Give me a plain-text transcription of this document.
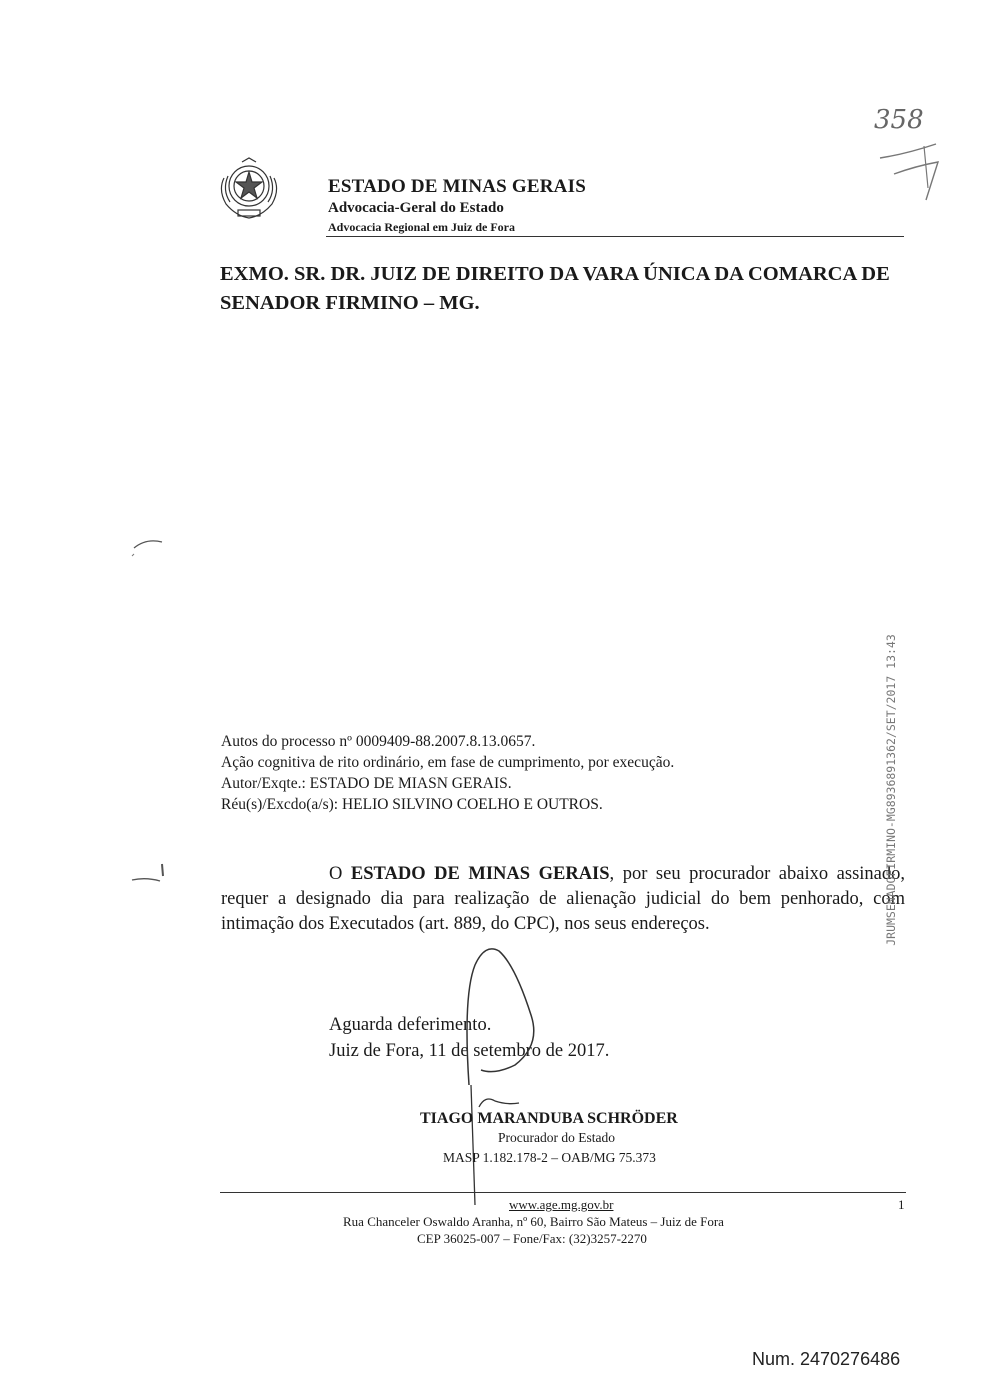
ESTADO DE MINAS GERAIS
Advocacia-Geral do Estado
Advocacia Regional em Juiz de Fora
358
EXMO. SR. DR. JUIZ DE DIREITO DA VARA ÚNICA DA COMARCA DE SENADOR FIRMINO – MG.
Autos do processo nº 0009409-88.2007.8.13.0657.
Ação cognitiva de rito ordinário, em fase de cumprimento, por execução.
Autor/Exqte.: ESTADO DE MIASN GERAIS.
Réu(s)/Excdo(a/s): HELIO SILVINO COELHO E OUTROS.
O ESTADO DE MINAS GERAIS, por seu procurador abaixo assinado, requer a designado dia para realização de alienação judicial do bem penhorado, com intimação dos Executados (art. 889, do CPC), nos seus endereços.
Aguarda deferimento.
Juiz de Fora, 11 de setembro de 2017.
TIAGO MARANDUBA SCHRÖDER
Procurador do Estado
MASP 1.182.178-2 – OAB/MG 75.373
www.age.mg.gov.br	1
Rua Chanceler Oswaldo Aranha, nº 60, Bairro São Mateus – Juiz de Fora
CEP 36025-007 – Fone/Fax: (32)3257-2270
JRUMSENADOFIRMINO-MG8936891362/SET/2017 13:43
Num. 2470276486
